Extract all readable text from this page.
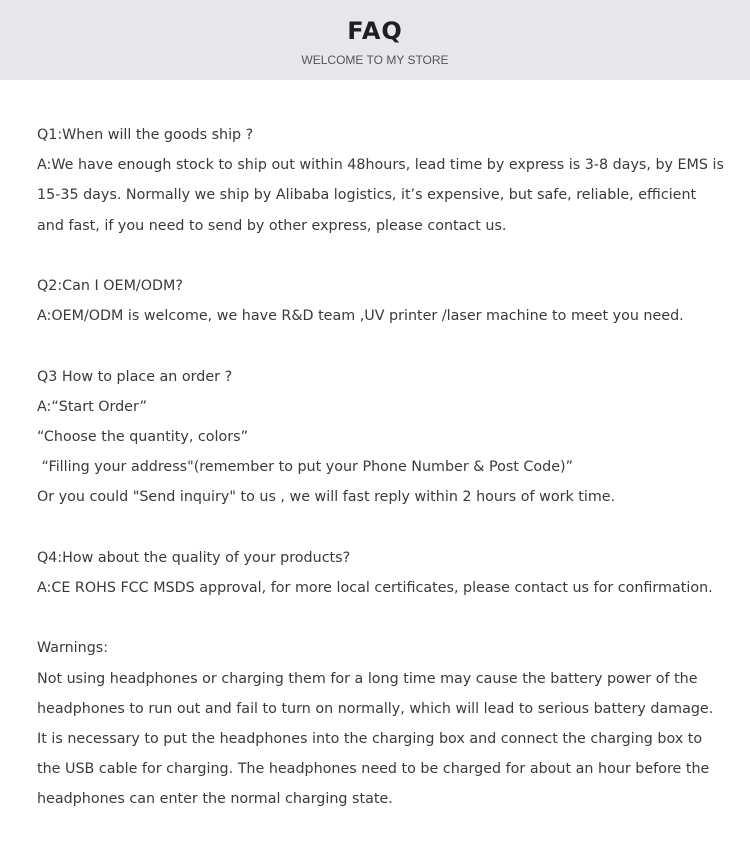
FAQ
WELCOME TO MY STORE

Q1:When will the goods ship ?

A:We have enough stock to ship out within 48hours, lead time by express is 3-8 days, by EMS is 15-35 days. Normally we ship by Alibaba logistics, it’s expensive, but safe, reliable, efficient and fast, if you need to send by other express, please contact us.

Q2:Can I OEM/ODM?

A:OEM/ODM is welcome, we have R&D team ,UV printer /laser machine to meet you need.

Q3 How to place an order ?

A:“Start Order”

“Choose the quantity, colors”

“Filling your address"(remember to put your Phone Number & Post Code)”

Or you could "Send inquiry" to us , we will fast reply within 2 hours of work time.

Q4:How about the quality of your products?

A:CE ROHS FCC MSDS approval, for more local certificates, please contact us for confirmation.

Warnings:

Not using headphones or charging them for a long time may cause the battery power of the headphones to run out and fail to turn on normally, which will lead to serious battery damage. It is necessary to put the headphones into the charging box and connect the charging box to the USB cable for charging. The headphones need to be charged for about an hour before the headphones can enter the normal charging state.
